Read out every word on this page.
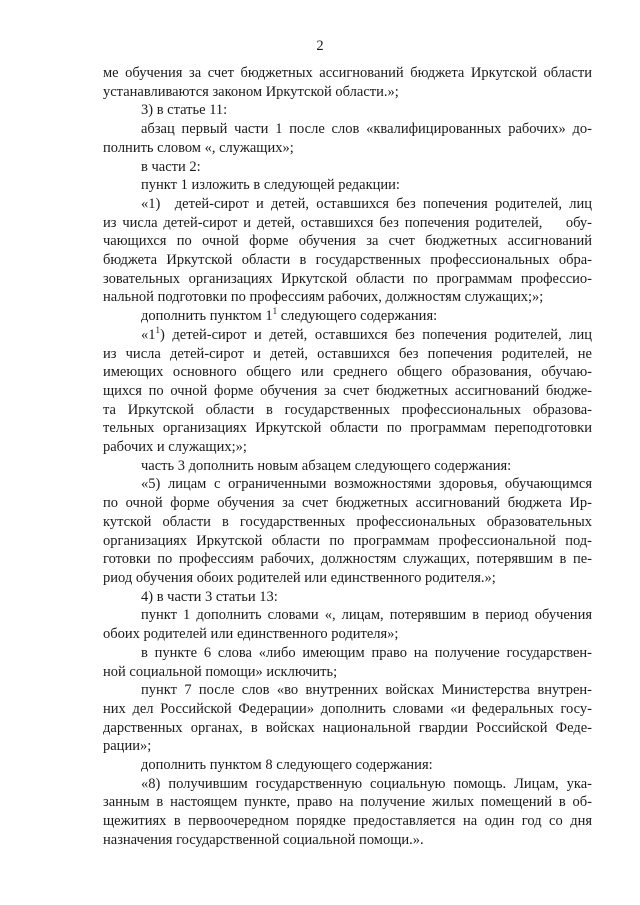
2
ме обучения за счет бюджетных ассигнований бюджета Иркутской области
устанавливаются законом Иркутской области.»;
3) в статье 11:
абзац первый части 1 после слов «квалифицированных рабочих» до-
полнить словом «, служащих»;
в части 2:
пункт 1 изложить в следующей редакции:
«1)  детей-сирот и детей, оставшихся без попечения родителей, лиц
из числа детей-сирот и детей, оставшихся без попечения родителей,    обу-
чающихся по очной форме обучения за счет бюджетных ассигнований
бюджета Иркутской области в государственных профессиональных обра-
зовательных организациях Иркутской области по программам профессио-
нальной подготовки по профессиям рабочих, должностям служащих;»;
дополнить пунктом $1^1$ следующего содержания:
«$1^1$) детей-сирот и детей, оставшихся без попечения родителей, лиц
из числа детей-сирот и детей, оставшихся без попечения родителей, не
имеющих основного общего или среднего общего образования, обучаю-
щихся по очной форме обучения за счет бюджетных ассигнований бюдже-
та Иркутской области в государственных профессиональных образова-
тельных организациях Иркутской области по программам переподготовки
рабочих и служащих;»;
часть 3 дополнить новым абзацем следующего содержания:
«5) лицам с ограниченными возможностями здоровья, обучающимся
по очной форме обучения за счет бюджетных ассигнований бюджета Ир-
кутской области в государственных профессиональных образовательных
организациях Иркутской области по программам профессиональной под-
готовки по профессиям рабочих, должностям служащих, потерявшим в пе-
риод обучения обоих родителей или единственного родителя.»;
4) в части 3 статьи 13:
пункт 1 дополнить словами «, лицам, потерявшим в период обучения
обоих родителей или единственного родителя»;
в пункте 6 слова «либо имеющим право на получение государствен-
ной социальной помощи» исключить;
пункт 7 после слов «во внутренних войсках Министерства внутрен-
них дел Российской Федерации» дополнить словами «и федеральных госу-
дарственных органах, в войсках национальной гвардии Российской Феде-
рации»;
дополнить пунктом 8 следующего содержания:
«8) получившим государственную социальную помощь. Лицам, ука-
занным в настоящем пункте, право на получение жилых помещений в об-
щежитиях в первоочередном порядке предоставляется на один год со дня
назначения государственной социальной помощи.».
